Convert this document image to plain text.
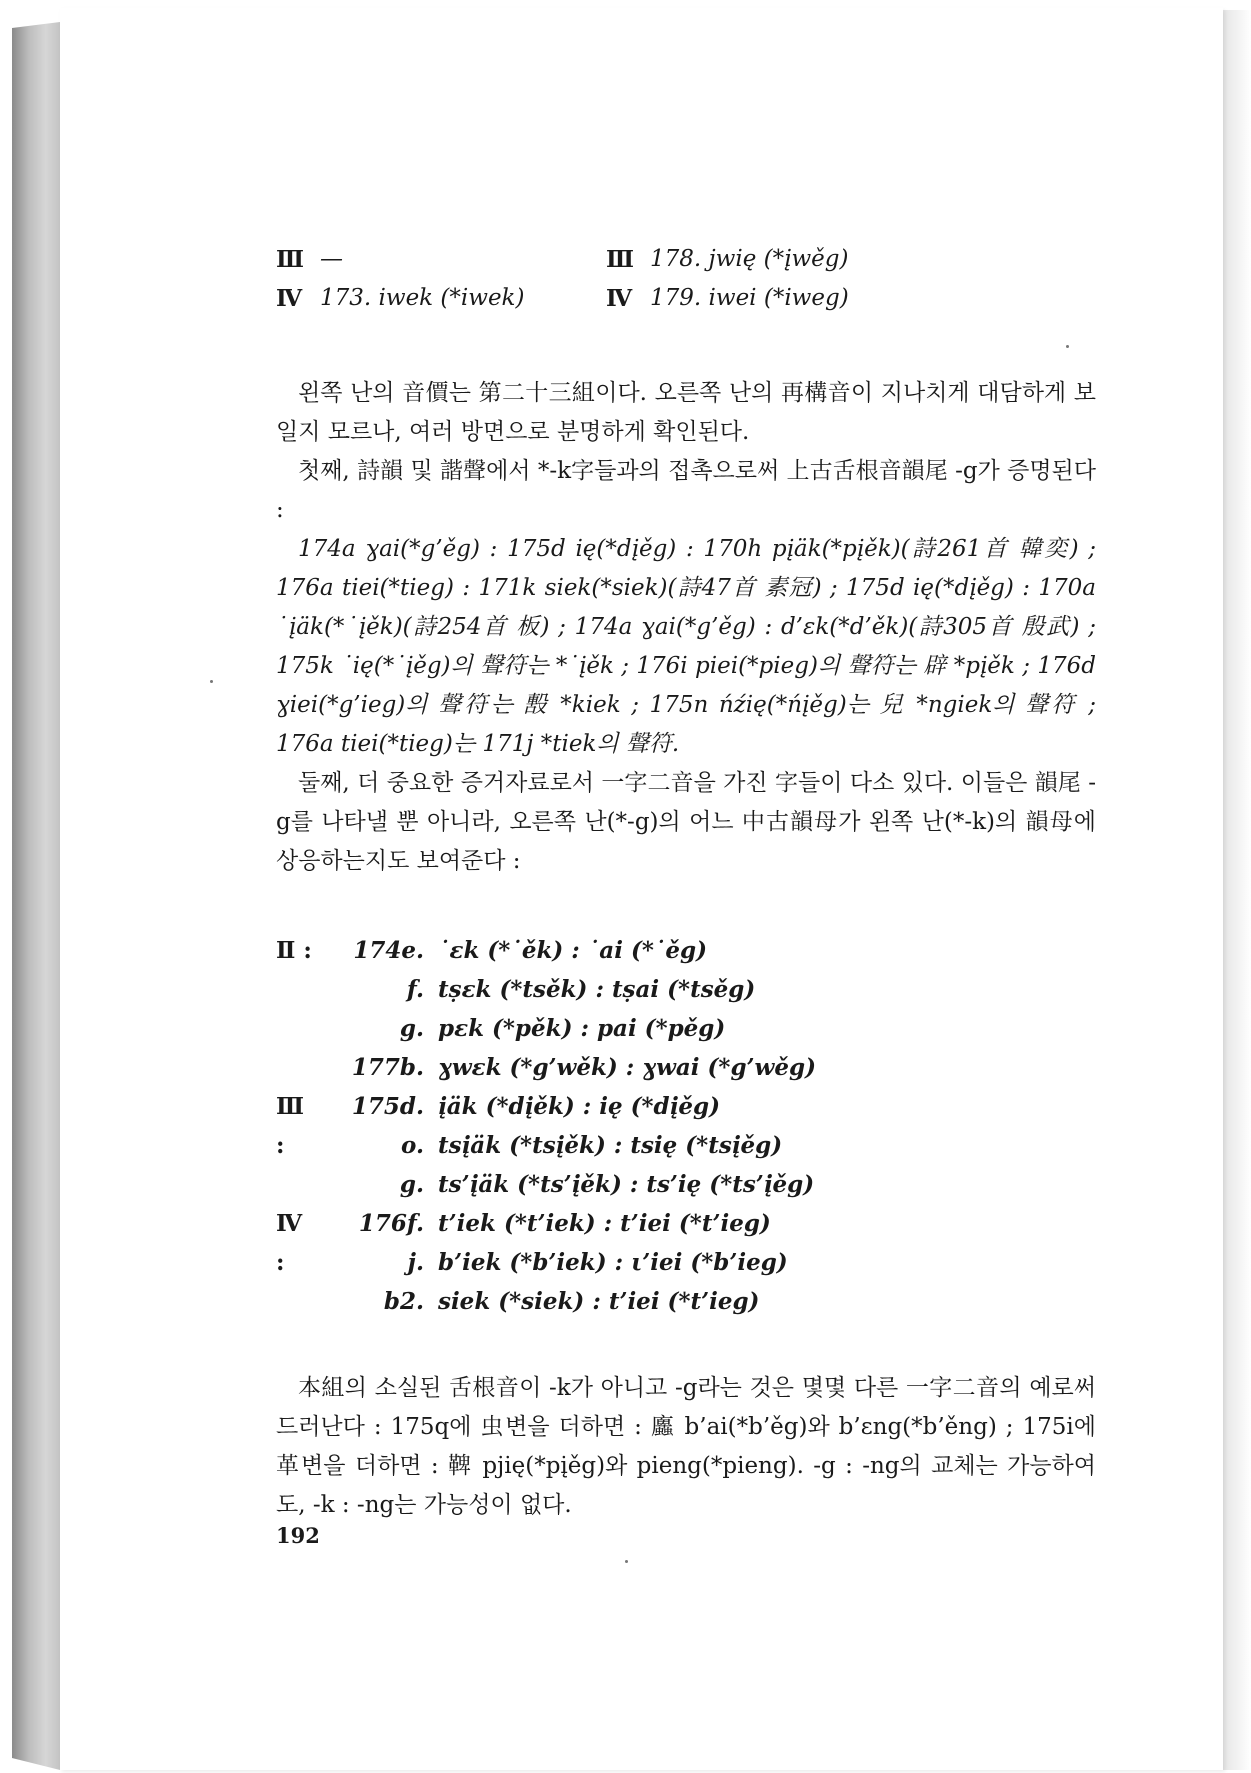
Ⅲ —	Ⅲ 178. jwię (*įwěg)
Ⅳ 173. iwek (*iwek)	Ⅳ 179. iwei (*iweg)

왼쪽 난의 音價는 第二十三組이다. 오른쪽 난의 再構音이 지나치게 대담하게 보일지 모르나, 여러 방면으로 분명하게 확인된다.

첫째, 詩韻 및 諧聲에서 *-k字들과의 접촉으로써 上古舌根音韻尾 -g가 증명된다 :

174a ɣai(*g’ěg) : 175d ię(*dįěg) : 170h pįäk(*pįěk)(詩261首 韓奕) ; 176a tiei(*tieg) : 171k siek(*siek)(詩47首 素冠) ; 175d ię(*dįěg) : 170a ˙įäk(*˙įěk)(詩254首 板) ; 174a ɣai(*g’ěg) : d’ɛk(*d’ěk)(詩305首 殷武) ; 175k ˙ię(*˙įěg)의 聲符는 *˙įěk ; 176i piei(*pieg)의 聲符는 辟 *pįěk ; 176d ɣiei(*g’ieg)의 聲符는 毄 *kiek ; 175n ńźię(*ńįěg)는 兒 *ngiek의 聲符 ; 176a tiei(*tieg)는 171j *tiek의 聲符.

둘째, 더 중요한 증거자료로서 一字二音을 가진 字들이 다소 있다. 이들은 韻尾 -g를 나타낼 뿐 아니라, 오른쪽 난(*-g)의 어느 中古韻母가 왼쪽 난(*-k)의 韻母에 상응하는지도 보여준다 :

Ⅱ :	174e. ˙ɛk (*˙ěk) : ˙ai (*˙ěg)
f. tṣɛk (*tsěk) : tṣai (*tsěg)
g. pɛk (*pěk) : pai (*pěg)
177b. ɣwɛk (*g’wěk) : ɣwai (*g’wěg)
Ⅲ :
175d. įäk (*dįěk) : ię (*dįěg)
o. tsįäk (*tsįěk) : tsię (*tsįěg)
g. ts’įäk (*ts’įěk) : ts’ię (*ts’įěg)
Ⅳ :
176f. t’iek (*t’iek) : t’iei (*t’ieg)
j. b’iek (*b’iek) : ι’iei (*b’ieg)
b2. siek (*siek) : t’iei (*t’ieg)

本組의 소실된 舌根音이 -k가 아니고 -g라는 것은 몇몇 다른 一字二音의 예로써 드러난다 : 175q에 虫변을 더하면 : 蠯 b’ai(*b’ěg)와 b’ɛng(*b’ěng) ; 175i에 革변을 더하면 : 鞞 pjię(*pįěg)와 pieng(*pieng). -g : -ng의 교체는 가능하여도, -k : -ng는 가능성이 없다.

192
